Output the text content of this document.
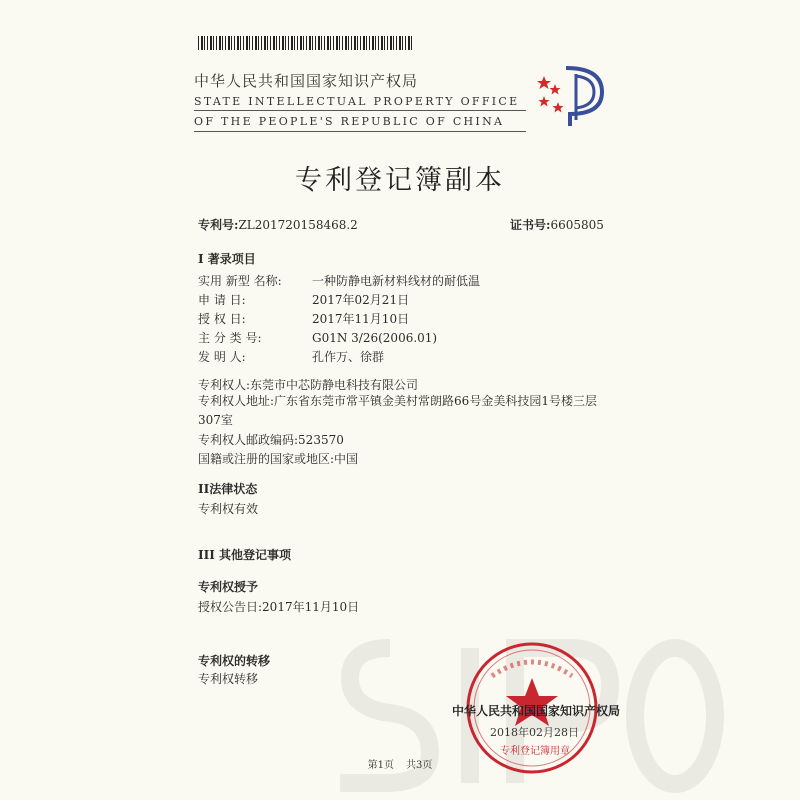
中华人民共和国国家知识产权局
STATE INTELLECTUAL PROPERTY OFFICE
OF THE PEOPLE'S REPUBLIC OF CHINA
专利登记簿副本
专利号:ZL201720158468.2	证书号:6605805
I 著录项目
实用 新型 名称:	一种防静电新材料线材的耐低温
申 请 日:	2017年02月21日
授 权 日:	2017年11月10日
主 分 类 号:	G01N 3/26(2006.01)
发 明 人:	孔作万、徐群
专利权人:东莞市中芯防静电科技有限公司
专利权人地址:广东省东莞市常平镇金美村常朗路66号金美科技园1号楼三层307室
专利权人邮政编码:523570
国籍或注册的国家或地区:中国
II法律状态
专利权有效
III 其他登记事项
专利权授予
授权公告日:2017年11月10日
专利权的转移
专利权转移
中华人民共和国国家知识产权局
2018年02月28日
专利登记簿用章
第1页 共3页
